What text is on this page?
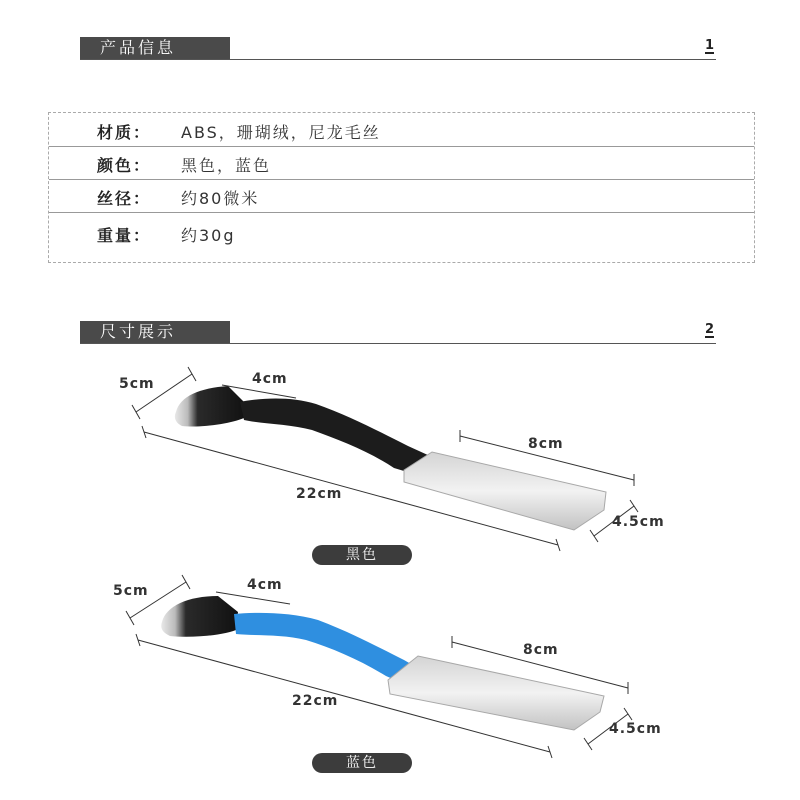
产品信息	1
材质： ABS，珊瑚绒，尼龙毛丝
颜色： 黑色，蓝色
丝径： 约80微米
重量： 约30g
尺寸展示	2
5cm	4cm
22cm
8cm
4.5cm
黑色
5cm	4cm
22cm
8cm
4.5cm
蓝色
